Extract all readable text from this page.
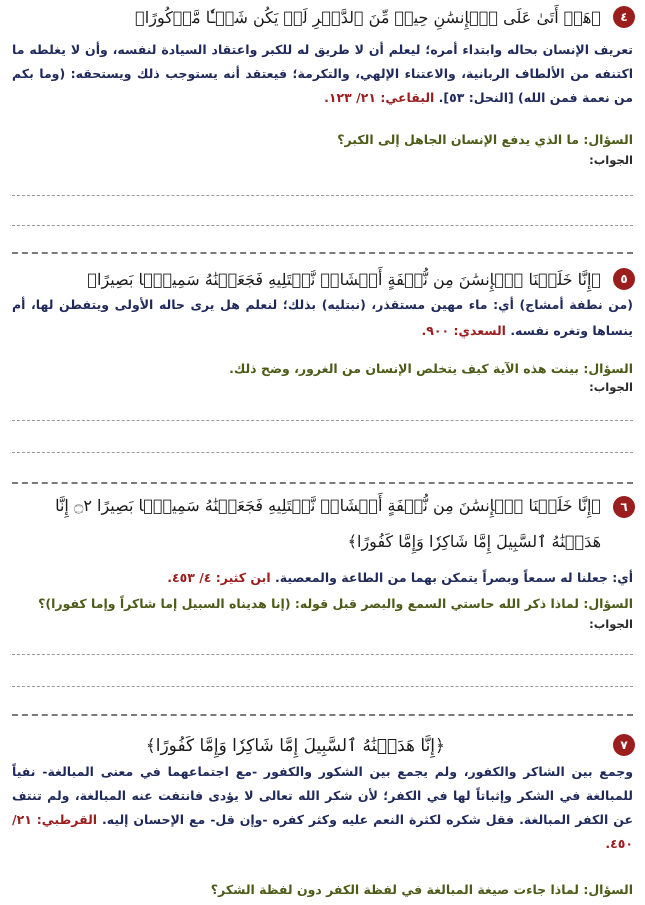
٤
﴿هَلۡ أَتَىٰ عَلَى ٱلۡإِنسَٰنِ حِينٞ مِّنَ ٱلدَّهۡرِ لَمۡ يَكُن شَيۡـٔٗا مَّذۡكُورًا﴾
تعريف الإنسان بحاله وابتداء أمره؛ ليعلم أن لا طريق له للكبر واعتقاد السيادة لنفسه، وأن لا يغلطه ما اكتنفه من الألطاف الربانية، والاعتناء الإلهي، والتكرمة؛ فيعتقد أنه يستوجب ذلك ويستحقه: (وما بكم من نعمة فمن الله) [النحل: ٥٣]. البقاعي: ٢١/ ١٢٣.
السؤال: ما الذي يدفع الإنسان الجاهل إلى الكبر؟
الجواب:
٥
﴿إِنَّا خَلَقۡنَا ٱلۡإِنسَٰنَ مِن نُّطۡفَةٍ أَمۡشَاجٖ نَّبۡتَلِيهِ فَجَعَلۡنَٰهُ سَمِيعَۢا بَصِيرًا﴾
(من نطفة أمشاج) أي: ماء مهين مستقذر، (نبتليه) بذلك؛ لنعلم هل يرى حاله الأولى ويتفطن لها، أم ينساها وتغره نفسه. السعدي: ٩٠٠.
السؤال: بينت هذه الآية كيف يتخلص الإنسان من الغرور، وضح ذلك.
الجواب:
٦
﴿إِنَّا خَلَقۡنَا ٱلۡإِنسَٰنَ مِن نُّطۡفَةٍ أَمۡشَاجٖ نَّبۡتَلِيهِ فَجَعَلۡنَٰهُ سَمِيعَۢا بَصِيرًا ۝٢ إِنَّا هَدَيۡنَٰهُ ٱلسَّبِيلَ إِمَّا شَاكِرٗا وَإِمَّا كَفُورًا﴾
أي: جعلنا له سمعاً وبصراً يتمكن بهما من الطاعة والمعصية. ابن كثير: ٤/ ٤٥٣.
السؤال: لماذا ذكر الله حاستي السمع والبصر قبل قوله: (إنا هديناه السبيل إما شاكراً وإما كفورا)؟
الجواب:
٧
﴿إِنَّا هَدَيۡنَٰهُ ٱلسَّبِيلَ إِمَّا شَاكِرٗا وَإِمَّا كَفُورًا﴾
وجمع بين الشاكر والكفور، ولم يجمع بين الشكور والكفور -مع اجتماعهما في معنى المبالغة- نفياً للمبالغة في الشكر وإثباتاً لها في الكفر؛ لأن شكر الله تعالى لا يؤدى فانتفت عنه المبالغة، ولم تنتف عن الكفر المبالغة. فقل شكره لكثرة النعم عليه وكثر كفره -وإن قل- مع الإحسان إليه. القرطبي: ٢١/ ٤٥٠.
السؤال: لماذا جاءت صيغة المبالغة في لفظة الكفر دون لفظة الشكر؟
